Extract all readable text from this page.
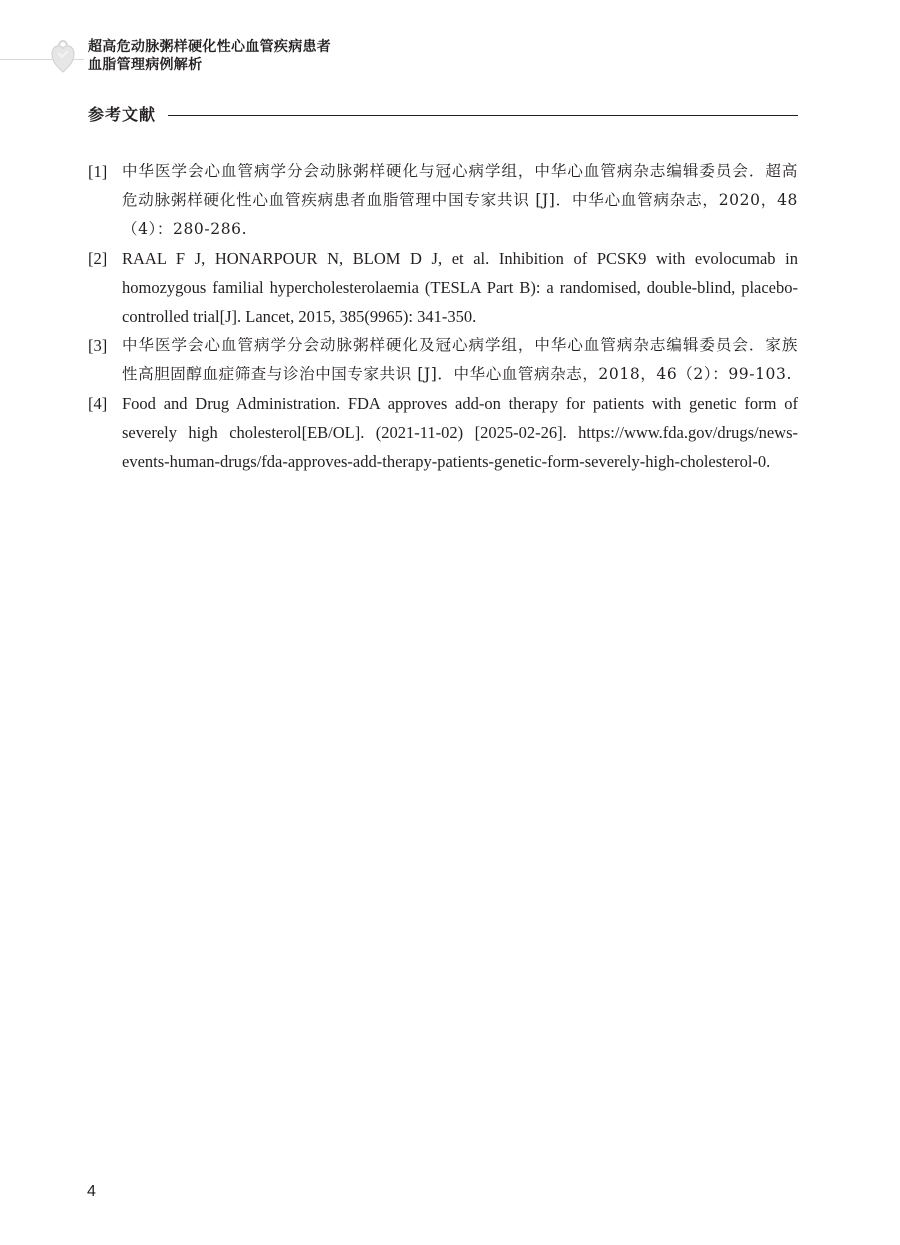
超高危动脉粥样硬化性心血管疾病患者
血脂管理病例解析
参考文献
[1] 中华医学会心血管病学分会动脉粥样硬化与冠心病学组，中华心血管病杂志编辑委员会．超高危动脉粥样硬化性心血管疾病患者血脂管理中国专家共识 [J]．中华心血管病杂志，2020，48（4）：280-286.
[2] RAAL F J, HONARPOUR N, BLOM D J, et al. Inhibition of PCSK9 with evolocumab in homozygous familial hypercholesterolaemia (TESLA Part B): a randomised, double-blind, placebo-controlled trial[J]. Lancet, 2015, 385(9965): 341-350.
[3] 中华医学会心血管病学分会动脉粥样硬化及冠心病学组，中华心血管病杂志编辑委员会．家族性高胆固醇血症筛查与诊治中国专家共识 [J]．中华心血管病杂志，2018，46（2）：99-103.
[4] Food and Drug Administration. FDA approves add-on therapy for patients with genetic form of severely high cholesterol[EB/OL]. (2021-11-02) [2025-02-26]. https://www.fda.gov/drugs/news-events-human-drugs/fda-approves-add-therapy-patients-genetic-form-severely-high-cholesterol-0.
4
